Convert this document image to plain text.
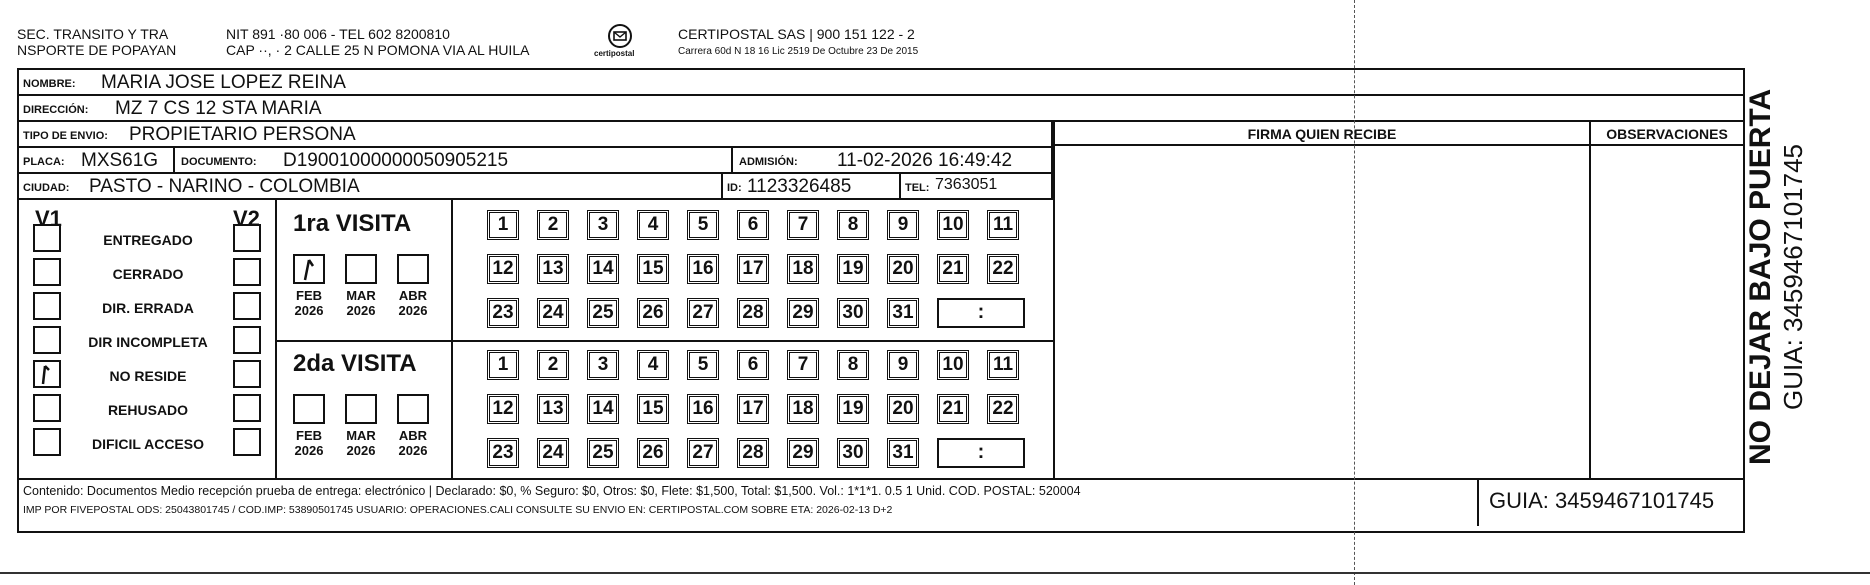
SEC. TRANSITO Y TRA
NSPORTE DE POPAYAN
NIT 891 ·80 006 - TEL 602 8200810
CAP ··, · 2 CALLE 25 N POMONA VIA AL HUILA	certipostal
CERTIPOSTAL SAS | 900 151 122 - 2
Carrera 60d N 18 16 Lic 2519 De Octubre 23 De 2015
NOMBRE: MARIA JOSE LOPEZ REINA
DIRECCIÓN: MZ 7 CS 12 STA MARIA
TIPO DE ENVIO: PROPIETARIO PERSONA
PLACA: MXS61G DOCUMENTO: D19001000000050905215	ADMISIÓN: 11-02-2026 16:49:42
CIUDAD: PASTO - NARINO - COLOMBIA	ID: 1123326485	TEL: 7363051
FIRMA QUIEN RECIBE	OBSERVACIONES
V1	V2
ENTREGADO
CERRADO
DIR. ERRADA
DIR INCOMPLETA
NO RESIDE
REHUSADO
DIFICIL ACCESO
1ra VISITA
FEB
2026
MAR
2026
ABR
2026
1	2	3	4	5	6	7	8	9	10	11
12 13 14 15 16 17 18 19 20 21 22
23 24 25 26 27 28 29 30 31	:
2da VISITA
FEB
2026
MAR
2026
ABR
2026
1	2	3	4	5	6	7	8	9	10	11
12 13 14 15 16 17 18 19 20 21 22
23 24 25 26 27 28 29 30 31	:
Contenido: Documentos Medio recepción prueba de entrega: electrónico | Declarado: $0, % Seguro: $0, Otros: $0, Flete: $1,500, Total: $1,500. Vol.: 1*1*1. 0.5 1 Unid. COD. POSTAL: 520004
IMP POR FIVEPOSTAL ODS: 25043801745 / COD.IMP: 53890501745 USUARIO: OPERACIONES.CALI CONSULTE SU ENVIO EN: CERTIPOSTAL.COM SOBRE ETA: 2026-02-13 D+2	GUIA: 3459467101745
NO DEJAR BAJO PUERTA GUIA: 3459467101745
